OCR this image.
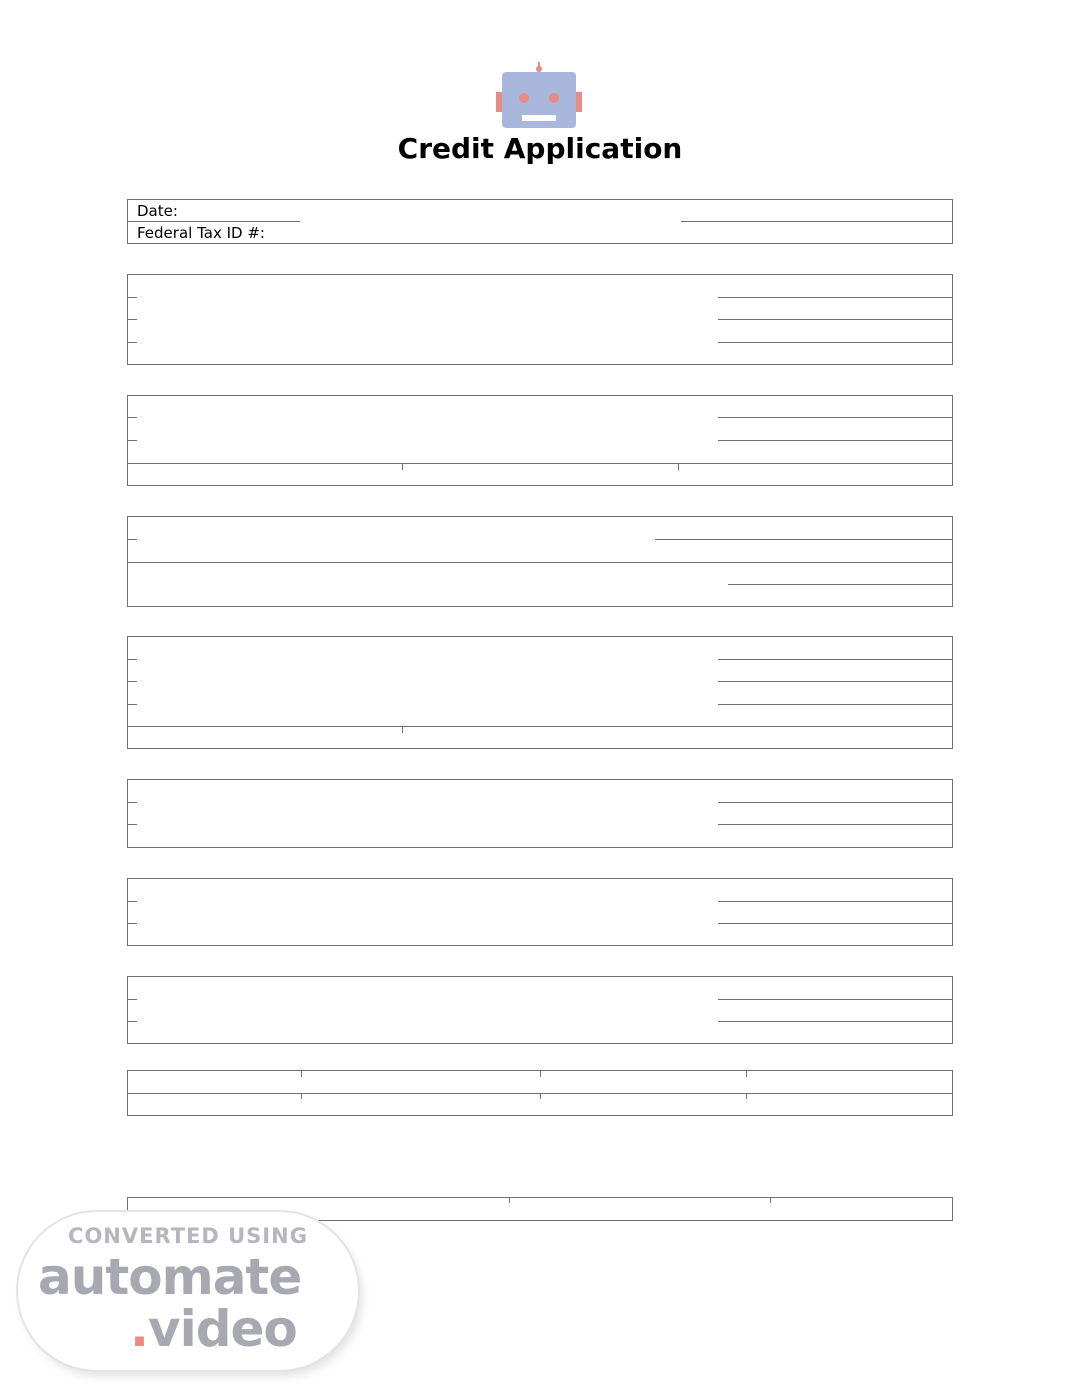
Credit Application
Date:
Federal Tax ID #:
CONVERTED USING
automate
.video
